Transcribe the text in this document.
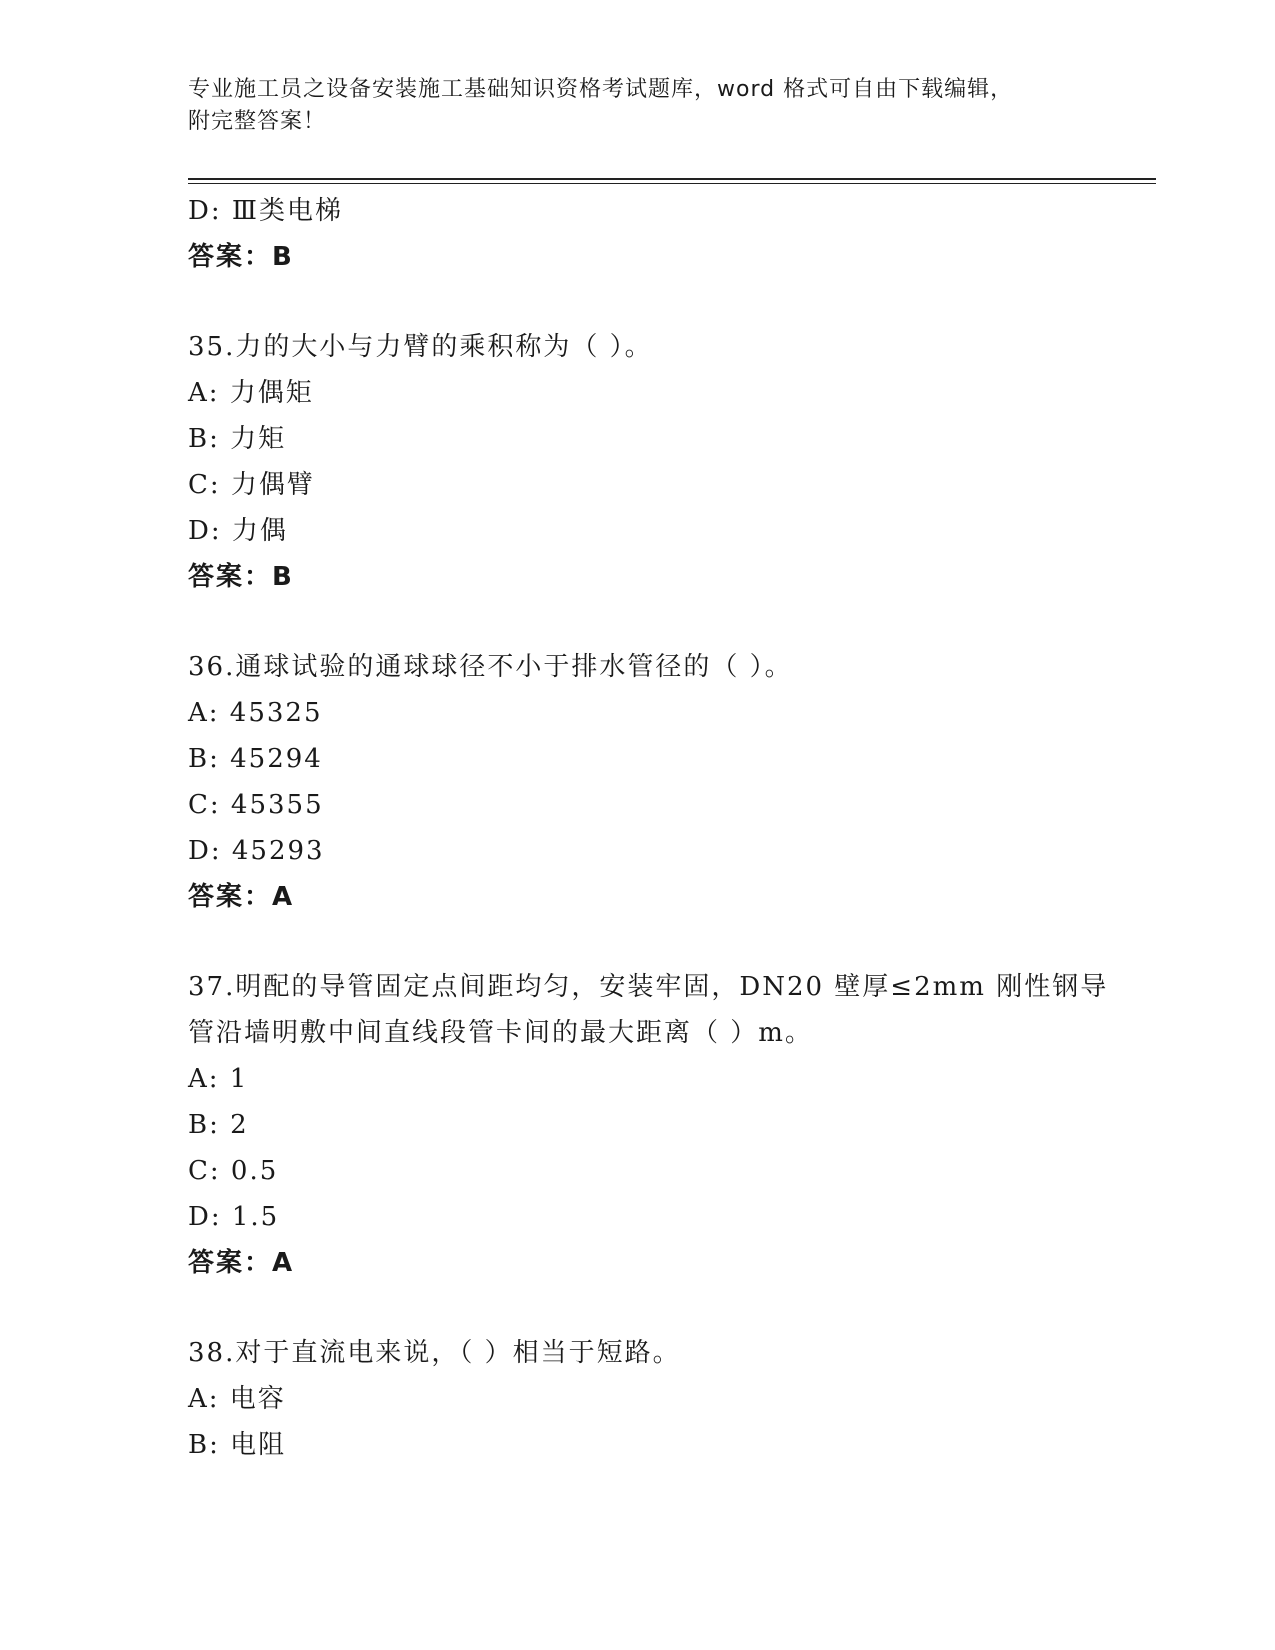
专业施工员之设备安装施工基础知识资格考试题库，word 格式可自由下载编辑，
附完整答案！
D: Ⅲ类电梯
答案：B
35.力的大小与力臂的乘积称为（ ）。
A: 力偶矩
B: 力矩
C: 力偶臂
D: 力偶
答案：B
36.通球试验的通球球径不小于排水管径的（ ）。
A: 45325
B: 45294
C: 45355
D: 45293
答案：A
37.明配的导管固定点间距均匀，安装牢固，DN20 壁厚≤2mm 刚性钢导
管沿墙明敷中间直线段管卡间的最大距离（ ）m。
A: 1
B: 2
C: 0.5
D: 1.5
答案：A
38.对于直流电来说，（ ）相当于短路。
A: 电容
B: 电阻
